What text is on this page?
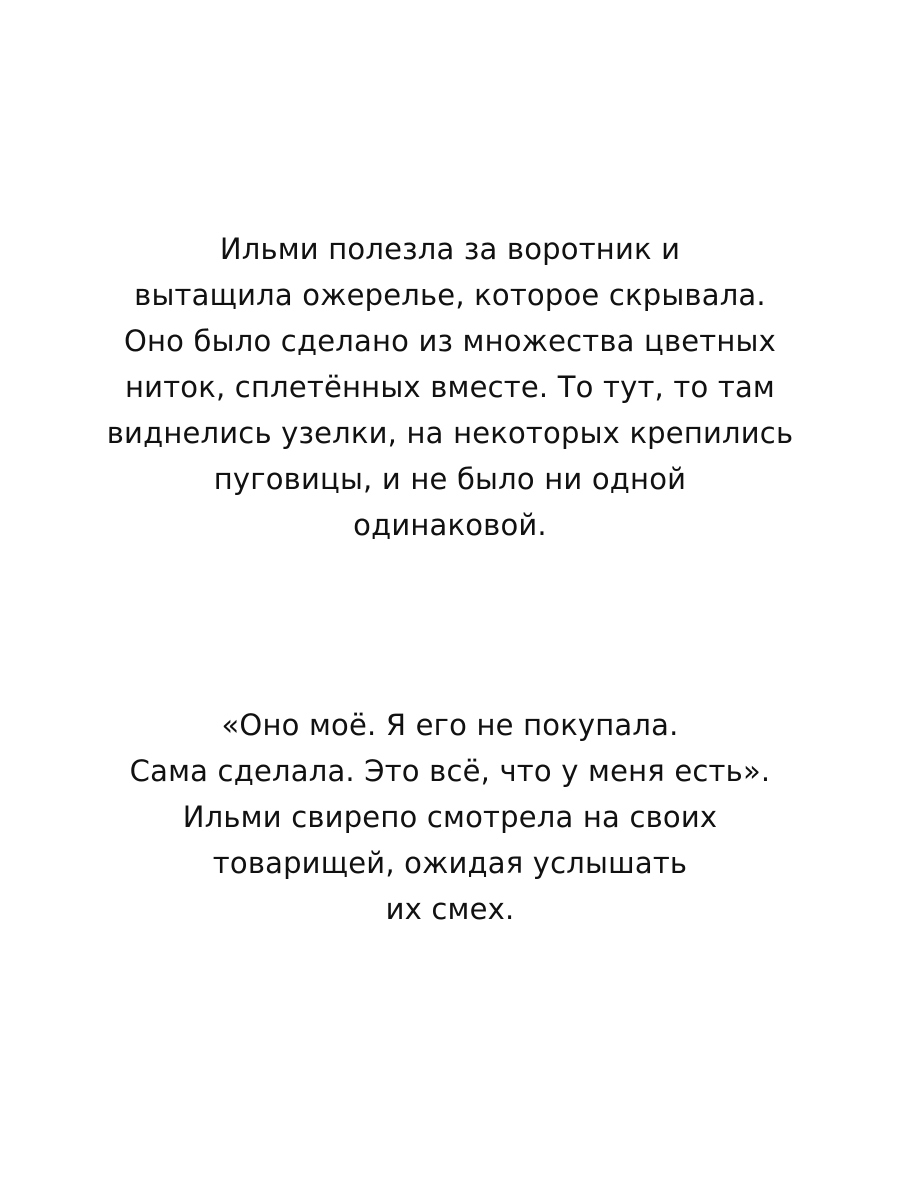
Ильми полезла за воротник и
вытащила ожерелье, которое скрывала.
Оно было сделано из множества цветных
ниток, сплетённых вместе. То тут, то там
виднелись узелки, на некоторых крепились
пуговицы, и не было ни одной
одинаковой.
«Оно моё. Я его не покупала.
Сама сделала. Это всё, что у меня есть».
Ильми свирепо смотрела на своих
товарищей, ожидая услышать
их смех.
